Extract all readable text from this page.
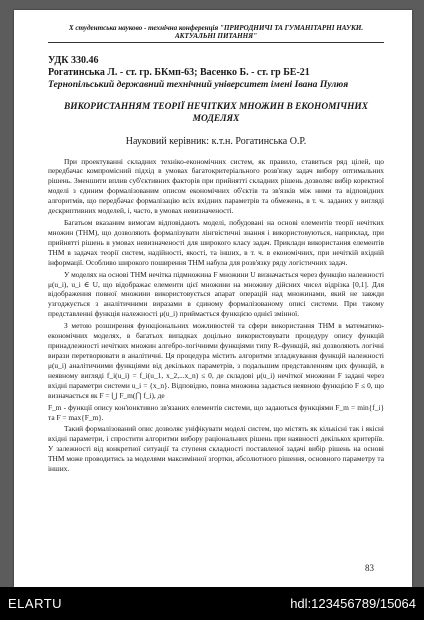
X студентська науково - технічна конференція "ПРИРОДНИЧІ ТА ГУМАНІТАРНІ НАУКИ. АКТУАЛЬНІ ПИТАННЯ"
УДК 330.46
Рогатинська Л. - ст. гр. БКмп-63; Васенко Б. - ст. гр БЕ-21
Тернопільський державний технічний університет імені Івана Пулюя
ВИКОРИСТАННЯМ ТЕОРІЇ НЕЧІТКИХ МНОЖИН В ЕКОНОМІЧНИХ МОДЕЛЯХ
Науковий керівник: к.т.н. Рогатинська О.Р.

При проектуванні складних техніко-економічних систем, як правило, ставиться ряд цілей, що передбачає компромісний підхід в умовах багатокритеріального розв'язку задач вибору оптимальних рішень. Зменшити вплив суб'єктивних факторів при прийнятті складних рішень дозволяє вибір коректної моделі з єдиним формалізованим описом економічних об'єктів та зв'язків між ними та відповідних алгоритмів, що передбачає формалізацію всіх вхідних параметрів та обмежень, в т. ч. заданих у вигляді дескриптивних моделей, і, часто, в умовах невизначеності.

Багатьом вказаним вимогам відповідають моделі, побудовані на основі елементів теорії нечітких множин (ТНМ), що дозволяють формалізувати лінгвістичні знання і використовуються, наприклад, при прийнятті рішень в умовах невизначеності для широкого класу задач. Приклади використання елементів ТНМ в задачах теорії систем, надійності, якості, та інших, в т. ч. в економічних, при нечіткій вхідній інформації. Особливо широкого поширення ТНМ набула для розв'язку ряду логістичних задач.

У моделях на основі ТНМ нечітка підмножина F множини U визначається через функцію належності μ(u_i), u_i ∈ U, що відображає елементи цієї множини на множину дійсних чисел відрізка [0,1]. Для відображення повної множини використовується апарат операцій над множинами, який не завжди узгоджується з аналітичними виразами в єдиному формалізованому описі системи. При такому представленні функція належності μ(u_i) приймається функцією однієї змінної.

З метою розширення функціональних можливостей та сфери використання ТНМ в математико-економічних моделях, в багатьох випадках доцільно використовувати процедуру опису функцій принадлежності нечітких множин алгебро-логічними функціями типу R–функцій, які дозволяють логічні вирази перетворювати в аналітичні. Ця процедура містить алгоритми згладжування функцій належності μ(u_i) аналітичними функціями від декількох параметрів, з подальшим представленням цих функцій, в неявному вигляді f_i(u_i) = f_i(u_1, x_2,...x_n) ≤ 0, де складові μ(u_i) нечіткої множини F задані через вхідні параметри системи u_i = {x_n}. Відповідно, повна множина задається неявною функцією F ≤ 0, що визначається як F = ⋃ F_m(⋂ f_i), де

F_m - функції опису кон'юнктивно зв'язаних елементів системи, що задаються функціями F_m = min{f_i} та F = max{F_m}.

Такий формалізований опис дозволяє уніфікувати моделі систем, що містять як кількісні так і якісні вхідні параметри, і спростити алгоритми вибору раціональних рішень при наявності декількох критеріїв. У залежності від конкретної ситуації та ступеня складності поставленої задачі вибір рішень на основі ТНМ може проводитись за моделями максимінної згортки, абсолютного рішення, основного параметру та інших.

83
ELARTU	hdl:123456789/15064
